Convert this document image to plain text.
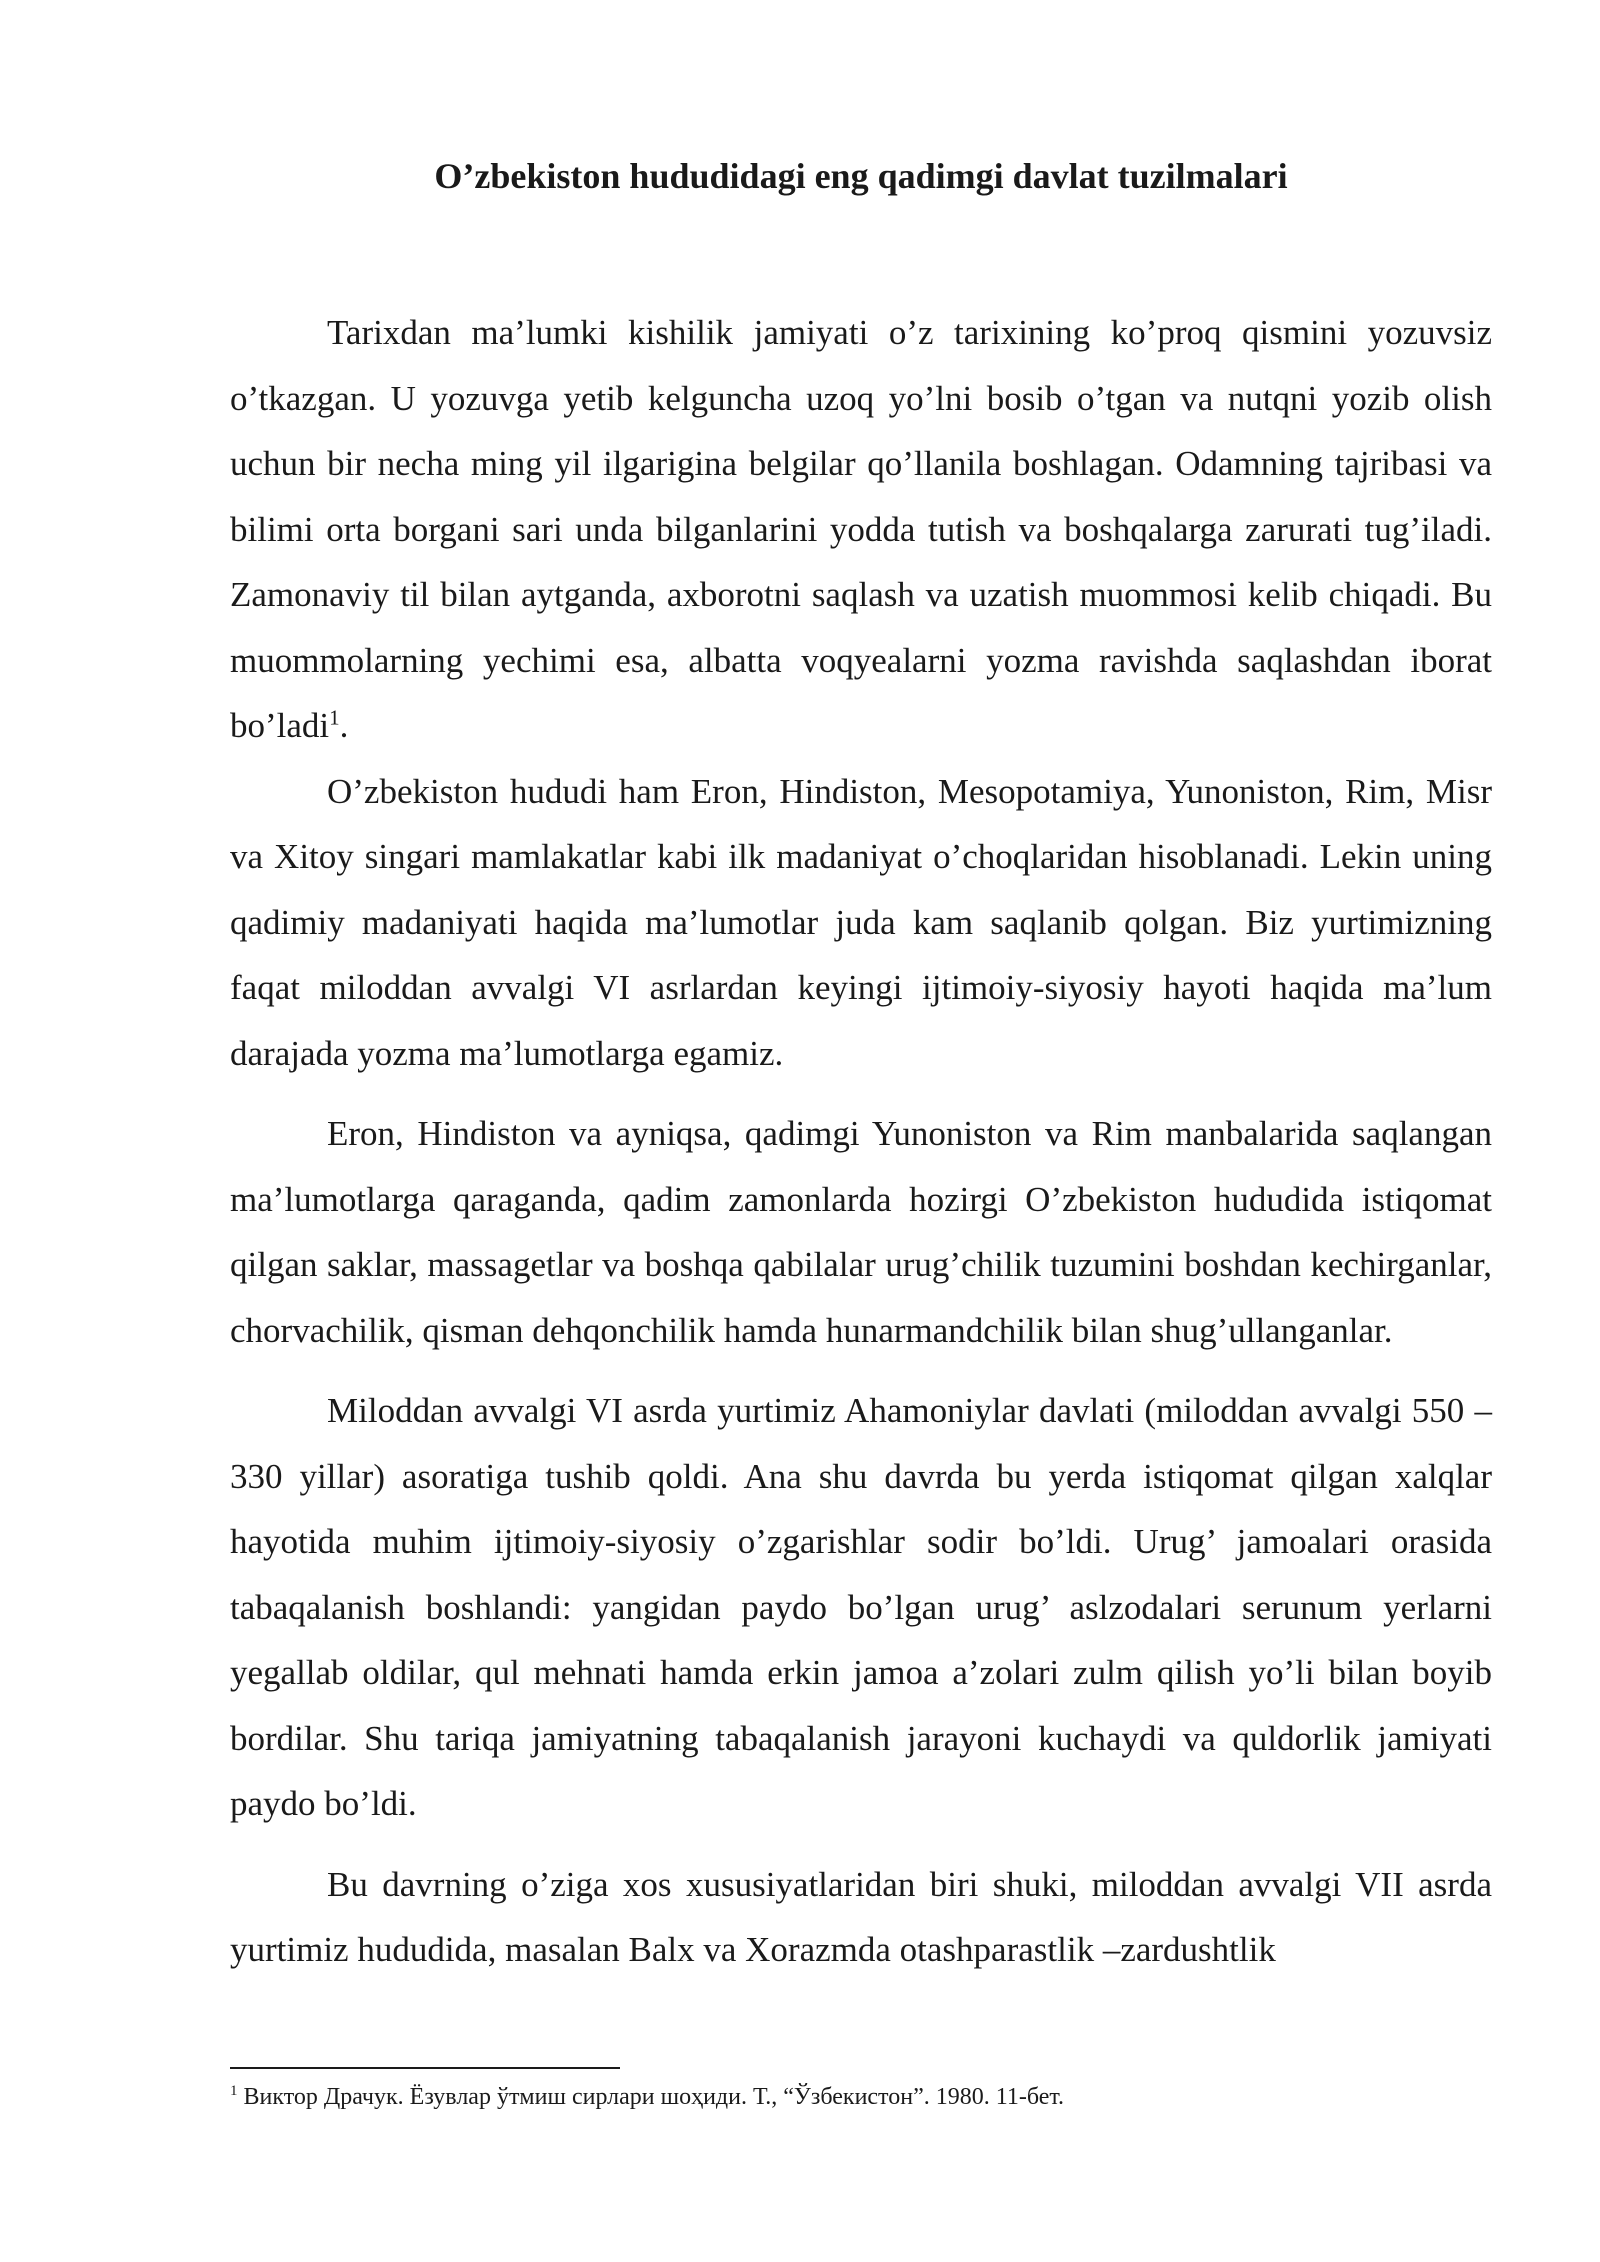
O’zbekiston hududidagi eng qadimgi davlat tuzilmalari

Tarixdan ma’lumki kishilik jamiyati o’z tarixining ko’proq qismini yozuvsiz o’tkazgan. U yozuvga yetib kelguncha uzoq yo’lni bosib o’tgan va nutqni yozib olish uchun bir necha ming yil ilgarigina belgilar qo’llanila boshlagan. Odamning tajribasi va bilimi orta borgani sari unda bilganlarini yodda tutish va boshqalarga zarurati tug’iladi. Zamonaviy til bilan aytganda, axborotni saqlash va uzatish muommosi kelib chiqadi. Bu muommolarning yechimi esa, albatta voqyealarni yozma ravishda saqlashdan iborat bo’ladi$^1$.

O’zbekiston hududi ham Eron, Hindiston, Mesopotamiya, Yunoniston, Rim, Misr va Xitoy singari mamlakatlar kabi ilk madaniyat o’choqlaridan hisoblanadi. Lekin uning qadimiy madaniyati haqida ma’lumotlar juda kam saqlanib qolgan. Biz yurtimizning faqat miloddan avvalgi VI asrlardan keyingi ijtimoiy-siyosiy hayoti haqida ma’lum darajada yozma ma’lumotlarga egamiz.

Eron, Hindiston va ayniqsa, qadimgi Yunoniston va Rim manbalarida saqlangan ma’lumotlarga qaraganda, qadim zamonlarda hozirgi O’zbekiston hududida istiqomat qilgan saklar, massagetlar va boshqa qabilalar urug’chilik tuzumini boshdan kechirganlar, chorvachilik, qisman dehqonchilik hamda hunarmandchilik bilan shug’ullanganlar.

Miloddan avvalgi VI asrda yurtimiz Ahamoniylar davlati (miloddan avvalgi 550 – 330 yillar) asoratiga tushib qoldi. Ana shu davrda bu yerda istiqomat qilgan xalqlar hayotida muhim ijtimoiy-siyosiy o’zgarishlar sodir bo’ldi. Urug’ jamoalari orasida tabaqalanish boshlandi: yangidan paydo bo’lgan urug’ aslzodalari serunum yerlarni yegallab oldilar, qul mehnati hamda erkin jamoa a’zolari zulm qilish yo’li bilan boyib bordilar. Shu tariqa jamiyatning tabaqalanish jarayoni kuchaydi va quldorlik jamiyati paydo bo’ldi.

Bu davrning o’ziga xos xususiyatlaridan biri shuki, miloddan avvalgi VII asrda yurtimiz hududida, masalan Balx va Xorazmda otashparastlik –zardushtlik

$^1$ Виктор Драчук. Ёзувлар ўтмиш сирлари шоҳиди. Т., “Ўзбекистон”. 1980. 11-бет.
